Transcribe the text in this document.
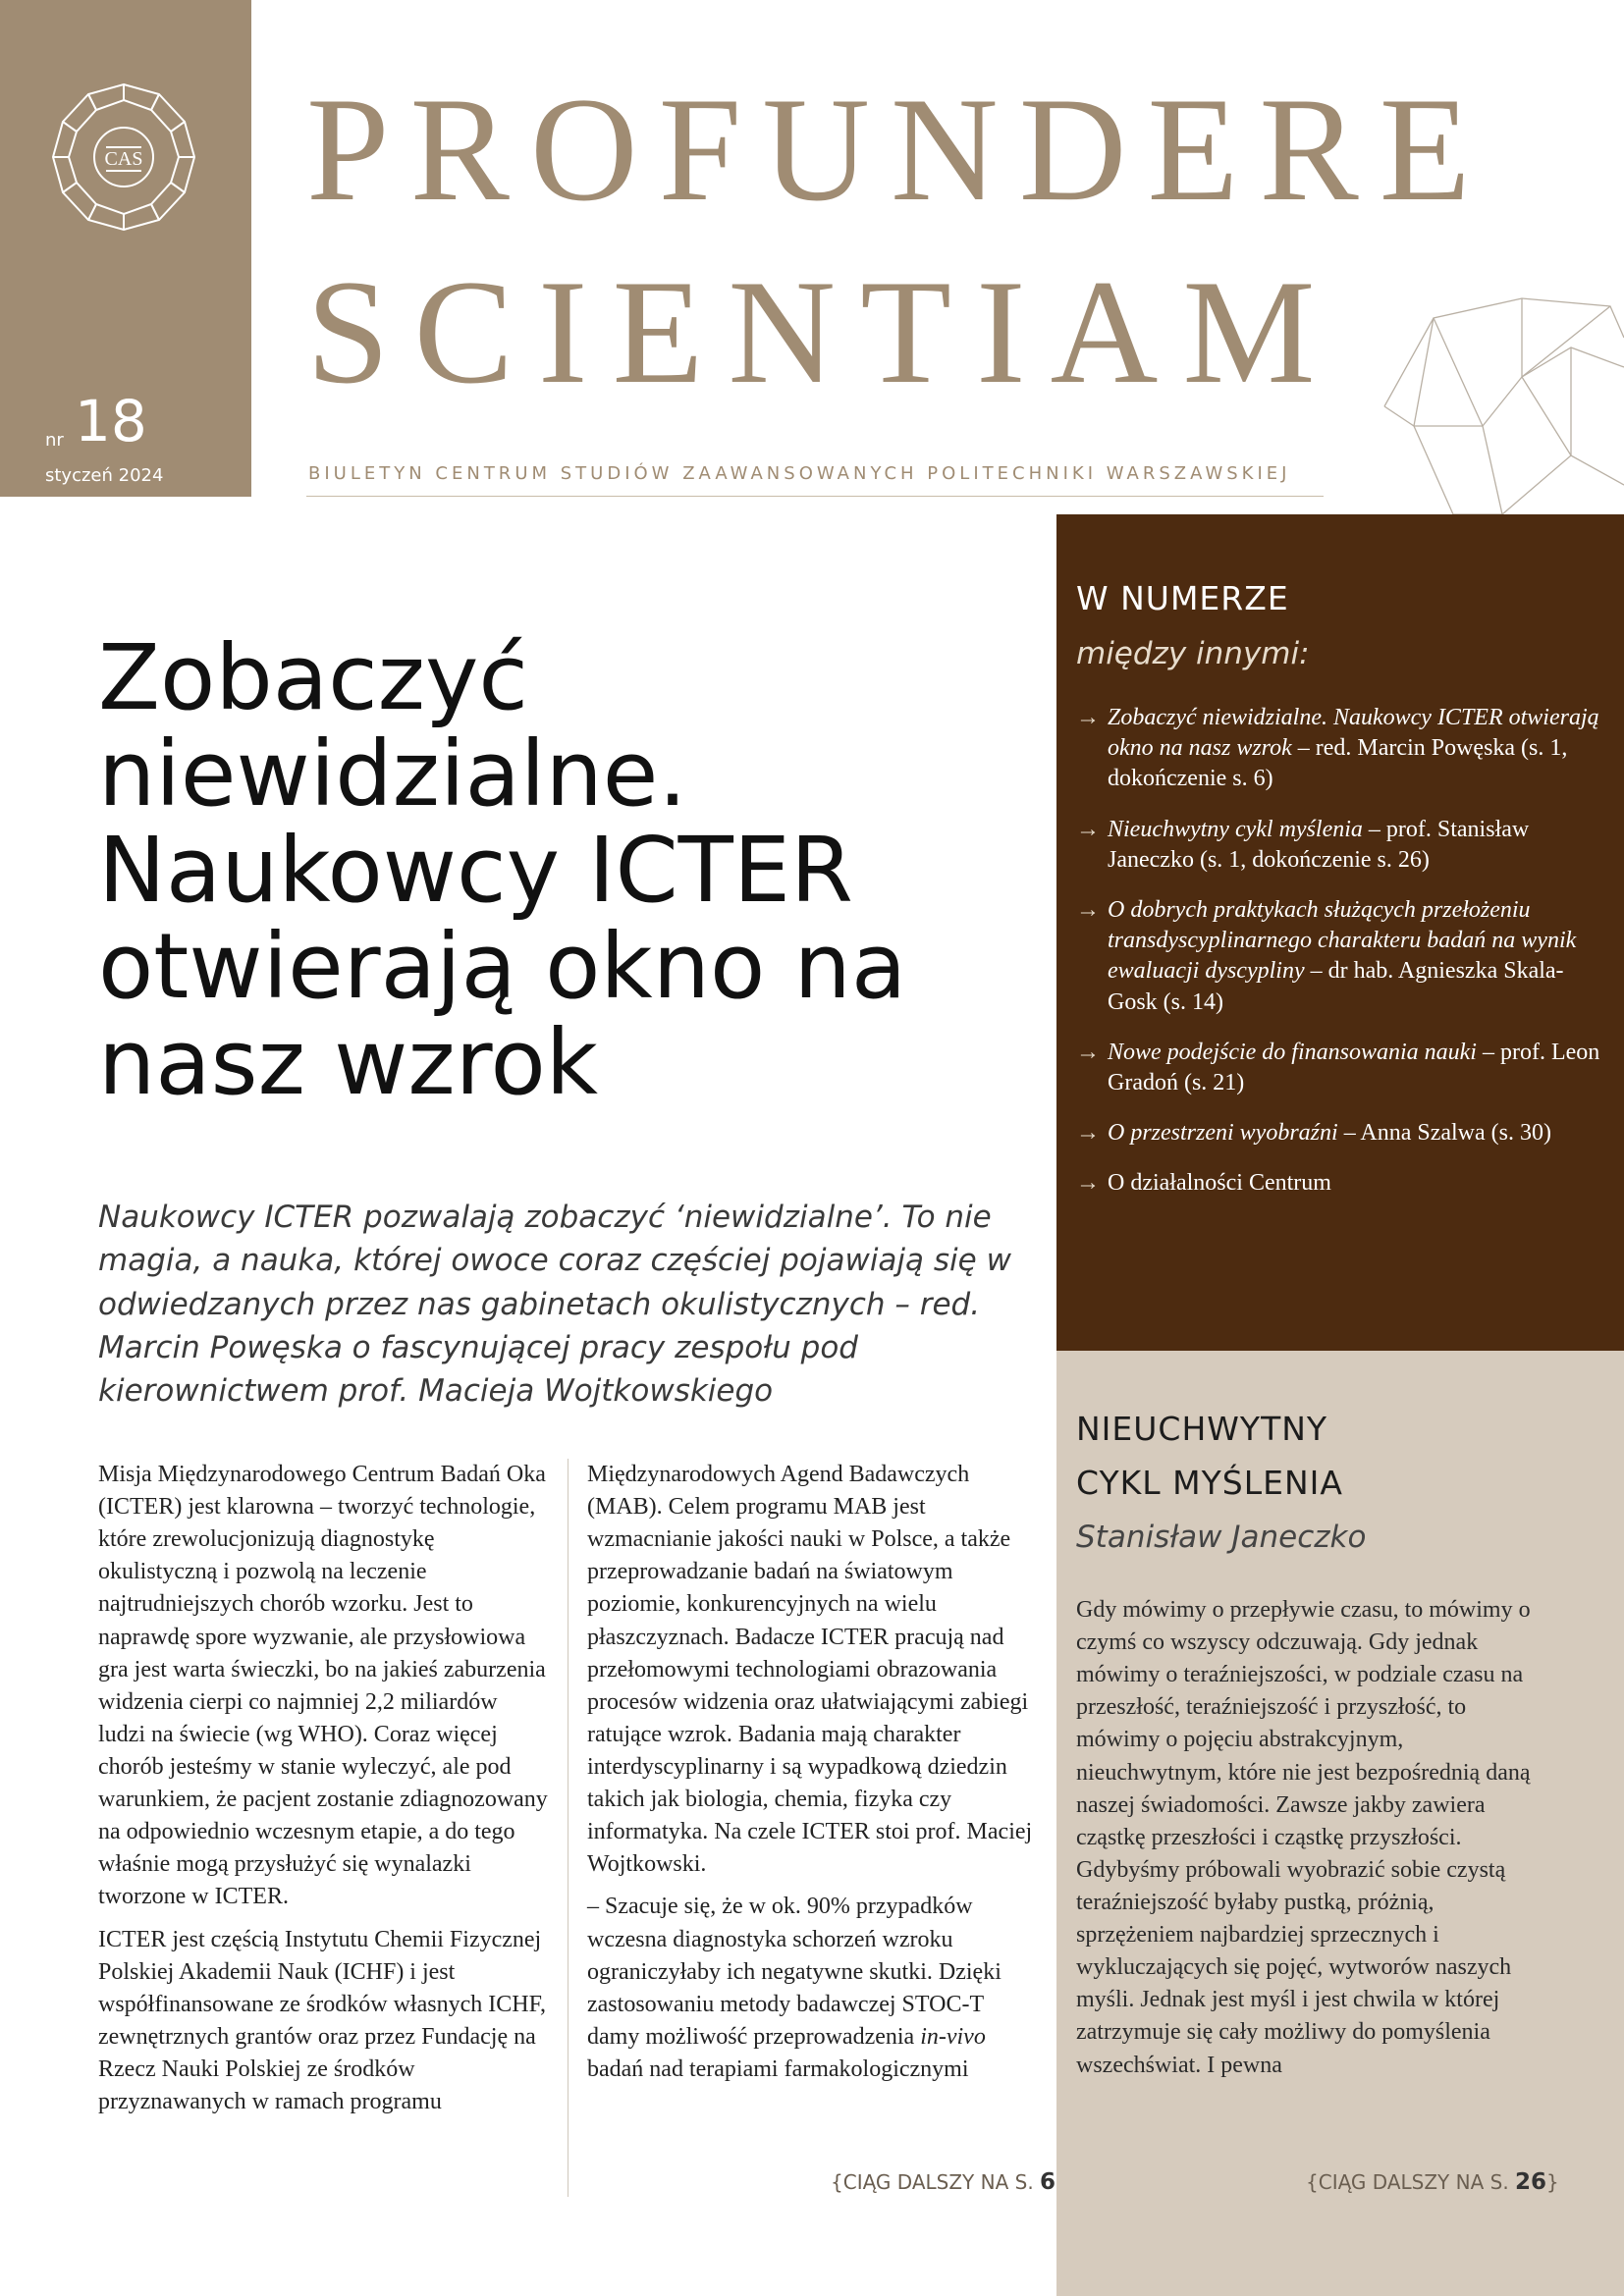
CAS
nr 18
styczeń 2024
PROFUNDERE
SCIENTIAM
BIULETYN CENTRUM STUDIÓW ZAAWANSOWANYCH POLITECHNIKI WARSZAWSKIEJ
Zobaczyć niewidzialne. Naukowcy ICTER otwierają okno na nasz wzrok

Naukowcy ICTER pozwalają zobaczyć ‘niewidzialne’. To nie magia, a nauka, której owoce coraz częściej pojawiają się w odwiedzanych przez nas gabinetach okulistycznych – red. Marcin Powęska o fascynującej pracy zespołu pod kierownictwem prof. Macieja Wojtkowskiego

Misja Międzynarodowego Centrum Badań Oka (ICTER) jest klarowna – tworzyć technologie, które zrewolucjonizują diagnostykę okulistyczną i pozwolą na leczenie najtrudniejszych chorób wzorku. Jest to naprawdę spore wyzwanie, ale przysłowiowa gra jest warta świeczki, bo na jakieś zaburzenia widzenia cierpi co najmniej 2,2 miliardów ludzi na świecie (wg WHO). Coraz więcej chorób jesteśmy w stanie wyleczyć, ale pod warunkiem, że pacjent zostanie zdiagnozowany na odpowiednio wczesnym etapie, a do tego właśnie mogą przysłużyć się wynalazki tworzone w ICTER.

ICTER jest częścią Instytutu Chemii Fizycznej Polskiej Akademii Nauk (ICHF) i jest współfinansowane ze środków własnych ICHF, zewnętrznych grantów oraz przez Fundację na Rzecz Nauki Polskiej ze środków przyznawanych w ramach programu

Międzynarodowych Agend Badawczych (MAB). Celem programu MAB jest wzmacnianie jakości nauki w Polsce, a także przeprowadzanie badań na światowym poziomie, konkurencyjnych na wielu płaszczyznach. Badacze ICTER pracują nad przełomowymi technologiami obrazowania procesów widzenia oraz ułatwiającymi zabiegi ratujące wzrok. Badania mają charakter interdyscyplinarny i są wypadkową dziedzin takich jak biologia, chemia, fizyka czy informatyka. Na czele ICTER stoi prof. Maciej Wojtkowski.

– Szacuje się, że w ok. 90% przypadków wczesna diagnostyka schorzeń wzroku ograniczyłaby ich negatywne skutki. Dzięki zastosowaniu metody badawczej STOC-T damy możliwość przeprowadzenia in-vivo badań nad terapiami farmakologicznymi

{CIĄG DALSZY NA S. 6
W NUMERZE
między innymi:
→ Zobaczyć niewidzialne. Naukowcy ICTER otwierają okno na nasz wzrok – red. Marcin Powęska (s. 1, dokończenie s. 6)
→ Nieuchwytny cykl myślenia – prof. Stanisław Janeczko (s. 1, dokończenie s. 26)
→ O dobrych praktykach służących przełożeniu transdyscyplinarnego charakteru badań na wynik ewaluacji dyscypliny – dr hab. Agnieszka Skala-Gosk (s. 14)
→ Nowe podejście do finansowania nauki – prof. Leon Gradoń (s. 21)
→ O przestrzeni wyobraźni – Anna Szalwa (s. 30)
→ O działalności Centrum
NIEUCHWYTNY
CYKL MYŚLENIA
Stanisław Janeczko
Gdy mówimy o przepływie czasu, to mówimy o czymś co wszyscy odczuwają. Gdy jednak mówimy o teraźniejszości, w podziale czasu na przeszłość, teraźniejszość i przyszłość, to mówimy o pojęciu abstrakcyjnym, nieuchwytnym, które nie jest bezpośrednią daną naszej świadomości. Zawsze jakby zawiera cząstkę przeszłości i cząstkę przyszłości. Gdybyśmy próbowali wyobrazić sobie czystą teraźniejszość byłaby pustką, próżnią, sprzężeniem najbardziej sprzecznych i wykluczających się pojęć, wytworów naszych myśli. Jednak jest myśl i jest chwila w której zatrzymuje się cały możliwy do pomyślenia wszechświat. I pewna
{CIĄG DALSZY NA S. 26}
